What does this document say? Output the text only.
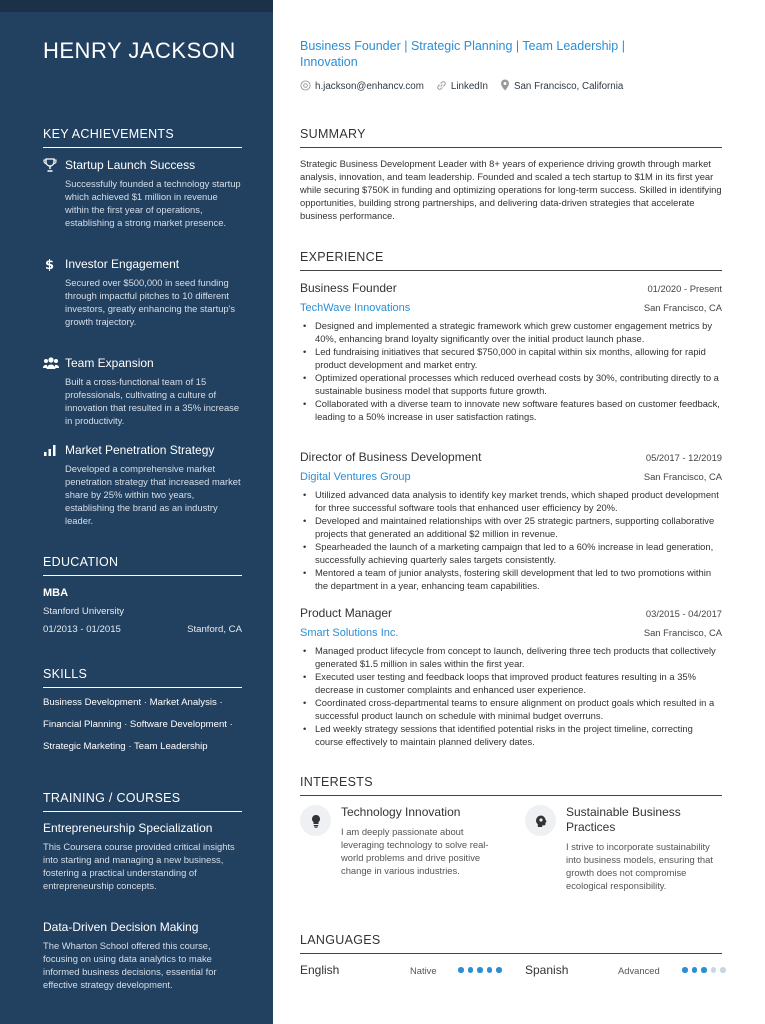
HENRY JACKSON
KEY ACHIEVEMENTS
Startup Launch Success
Successfully founded a technology startup which achieved $1 million in revenue within the first year of operations, establishing a strong market presence.
$ Investor Engagement
Secured over $500,000 in seed funding through impactful pitches to 10 different investors, greatly enhancing the startup's growth trajectory.
Team Expansion
Built a cross-functional team of 15 professionals, cultivating a culture of innovation that resulted in a 35% increase in productivity.
Market Penetration Strategy
Developed a comprehensive market penetration strategy that increased market share by 25% within two years, establishing the brand as an industry leader.
EDUCATION
MBA
Stanford University
01/2013 - 01/2015	Stanford, CA
SKILLS
Business Development · Market Analysis ·
Financial Planning · Software Development ·
Strategic Marketing · Team Leadership
TRAINING / COURSES
Entrepreneurship Specialization
This Coursera course provided critical insights into starting and managing a new business, fostering a practical understanding of entrepreneurship concepts.
Data-Driven Decision Making
The Wharton School offered this course, focusing on using data analytics to make informed business decisions, essential for effective strategy development.
Business Founder | Strategic Planning | Team Leadership | Innovation
h.jackson@enhancv.com	LinkedIn	San Francisco, California
SUMMARY
Strategic Business Development Leader with 8+ years of experience driving growth through market analysis, innovation, and team leadership. Founded and scaled a tech startup to $1M in its first year while securing $750K in funding and optimizing operations for long-term success. Skilled in identifying opportunities, building strong partnerships, and delivering data-driven strategies that accelerate business performance.
EXPERIENCE
Business Founder	01/2020 - Present
TechWave Innovations	San Francisco, CA
• Designed and implemented a strategic framework which grew customer engagement metrics by 40%, enhancing brand loyalty significantly over the initial product launch phase.
• Led fundraising initiatives that secured $750,000 in capital within six months, allowing for rapid product development and market entry.
• Optimized operational processes which reduced overhead costs by 30%, contributing directly to a sustainable business model that supports future growth.
• Collaborated with a diverse team to innovate new software features based on customer feedback, leading to a 50% increase in user satisfaction ratings.
Director of Business Development	05/2017 - 12/2019
Digital Ventures Group	San Francisco, CA
• Utilized advanced data analysis to identify key market trends, which shaped product development for three successful software tools that enhanced user efficiency by 20%.
• Developed and maintained relationships with over 25 strategic partners, supporting collaborative projects that generated an additional $2 million in revenue.
• Spearheaded the launch of a marketing campaign that led to a 60% increase in lead generation, successfully achieving quarterly sales targets consistently.
• Mentored a team of junior analysts, fostering skill development that led to two promotions within the department in a year, enhancing team capabilities.
Product Manager	03/2015 - 04/2017
Smart Solutions Inc.	San Francisco, CA
• Managed product lifecycle from concept to launch, delivering three tech products that collectively generated $1.5 million in sales within the first year.
• Executed user testing and feedback loops that improved product features resulting in a 35% decrease in customer complaints and enhanced user experience.
• Coordinated cross-departmental teams to ensure alignment on product goals which resulted in a successful product launch on schedule with minimal budget overruns.
• Led weekly strategy sessions that identified potential risks in the project timeline, correcting course effectively to maintain planned delivery dates.
INTERESTS
Technology Innovation
I am deeply passionate about leveraging technology to solve real-world problems and drive positive change in various industries.
Sustainable Business Practices
I strive to incorporate sustainability into business models, ensuring that growth does not compromise ecological responsibility.
LANGUAGES
English	Native	Spanish	Advanced
